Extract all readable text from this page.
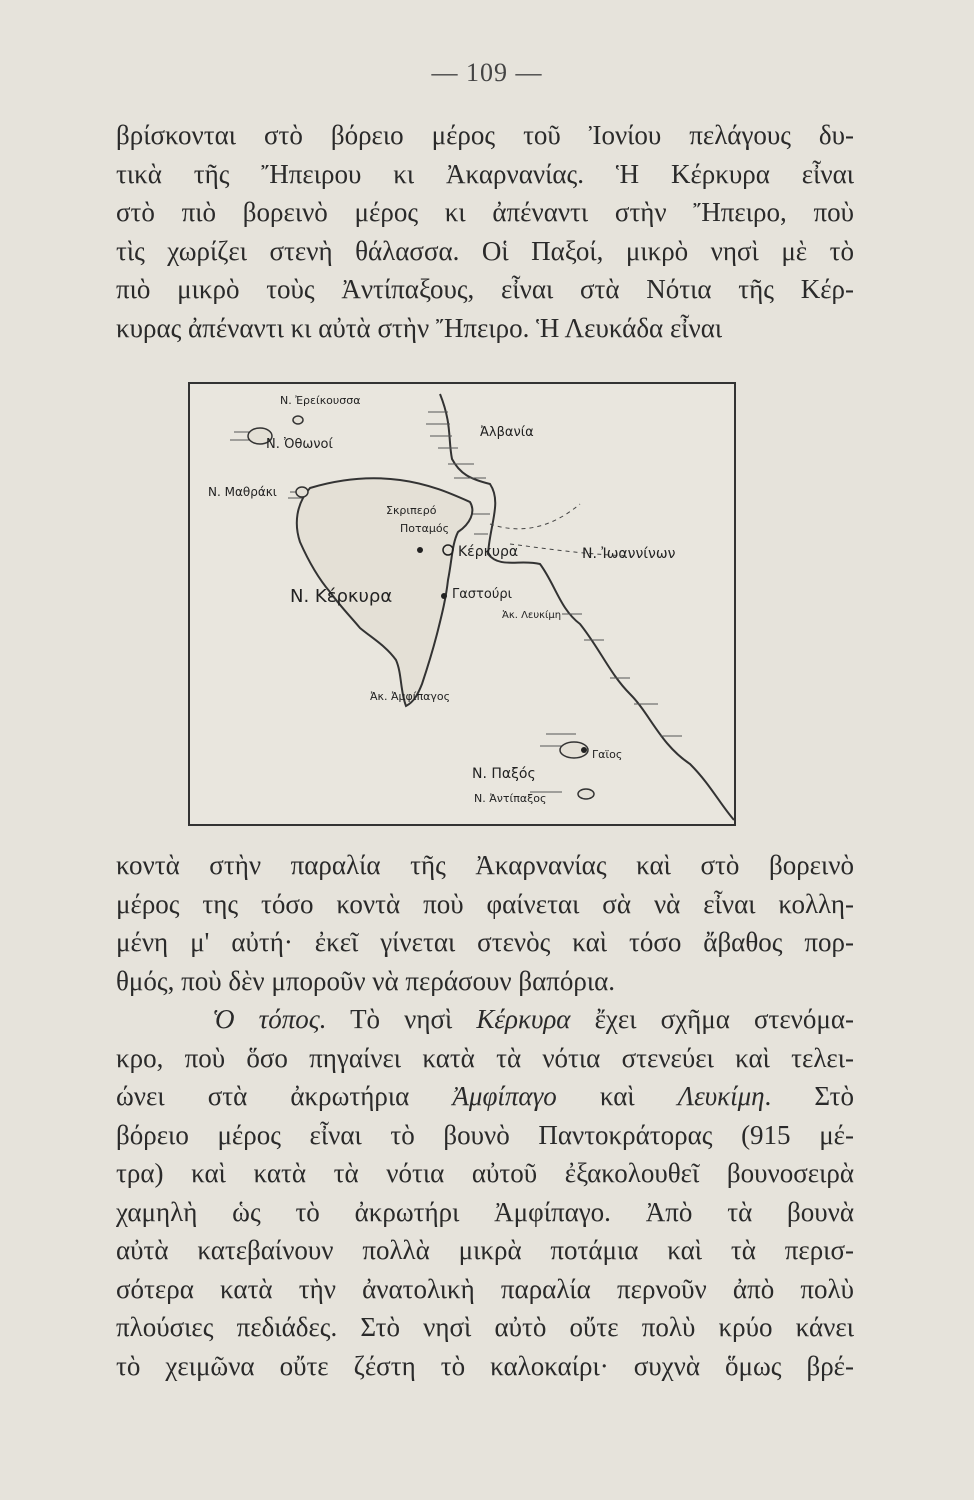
— 109 —

βρίσκονται στὸ βόρειο μέρος τοῦ Ἰονίου πελάγους δυ-
τικὰ τῆς Ἤπειρου κι Ἀκαρνανίας. Ἡ Κέρκυρα εἶναι
στὸ πιὸ βορεινὸ μέρος κι ἀπέναντι στὴν Ἤπειρο, ποὺ
τὶς χωρίζει στενὴ θάλασσα. Οἱ Παξοί, μικρὸ νησὶ μὲ τὸ
πιὸ μικρὸ τοὺς Ἀντίπαξους, εἶναι στὰ Νότια τῆς Κέρ-
κυρας ἀπέναντι κι αὐτὰ στὴν Ἤπειρο. Ἡ Λευκάδα εἶναι

Ν. Ἐρείκουσσα
Ν. Ὀθωνοί
Ν. Μαθράκι
Ἀλβανία
Σκριπερό
Ποταμός
Κέρκυρα	Ν. Ἰωαννίνων
Ν. Κέρκυρα	Γαστούρι
Ἀκ. Λευκίμη
Ἀκ. Ἀμφίπαγος
Ν. Παξός
Γαϊος
Ν. Ἀντίπαξος

κοντὰ στὴν παραλία τῆς Ἀκαρνανίας καὶ στὸ βορεινὸ
μέρος της τόσο κοντὰ ποὺ φαίνεται σὰ νὰ εἶναι κολλη-
μένη μ' αὐτή· ἐκεῖ γίνεται στενὸς καὶ τόσο ἄβαθος πορ-
θμός, ποὺ δὲν μποροῦν νὰ περάσουν βαπόρια.
Ὁ τόπος. Τὸ νησὶ Κέρκυρα ἔχει σχῆμα στενόμα-
κρο, ποὺ ὅσο πηγαίνει κατὰ τὰ νότια στενεύει καὶ τελει-
ώνει στὰ ἀκρωτήρια Ἀμφίπαγο καὶ Λευκίμη. Στὸ
βόρειο μέρος εἶναι τὸ βουνὸ Παντοκράτορας (915 μέ-
τρα) καὶ κατὰ τὰ νότια αὐτοῦ ἐξακολουθεῖ βουνοσειρὰ
χαμηλὴ ὡς τὸ ἀκρωτήρι Ἀμφίπαγο. Ἀπὸ τὰ βουνὰ
αὐτὰ κατεβαίνουν πολλὰ μικρὰ ποτάμια καὶ τὰ περισ-
σότερα κατὰ τὴν ἀνατολικὴ παραλία περνοῦν ἀπὸ πολὺ
πλούσιες πεδιάδες. Στὸ νησὶ αὐτὸ οὔτε πολὺ κρύο κάνει
τὸ χειμῶνα οὔτε ζέστη τὸ καλοκαίρι· συχνὰ ὅμως βρέ-
